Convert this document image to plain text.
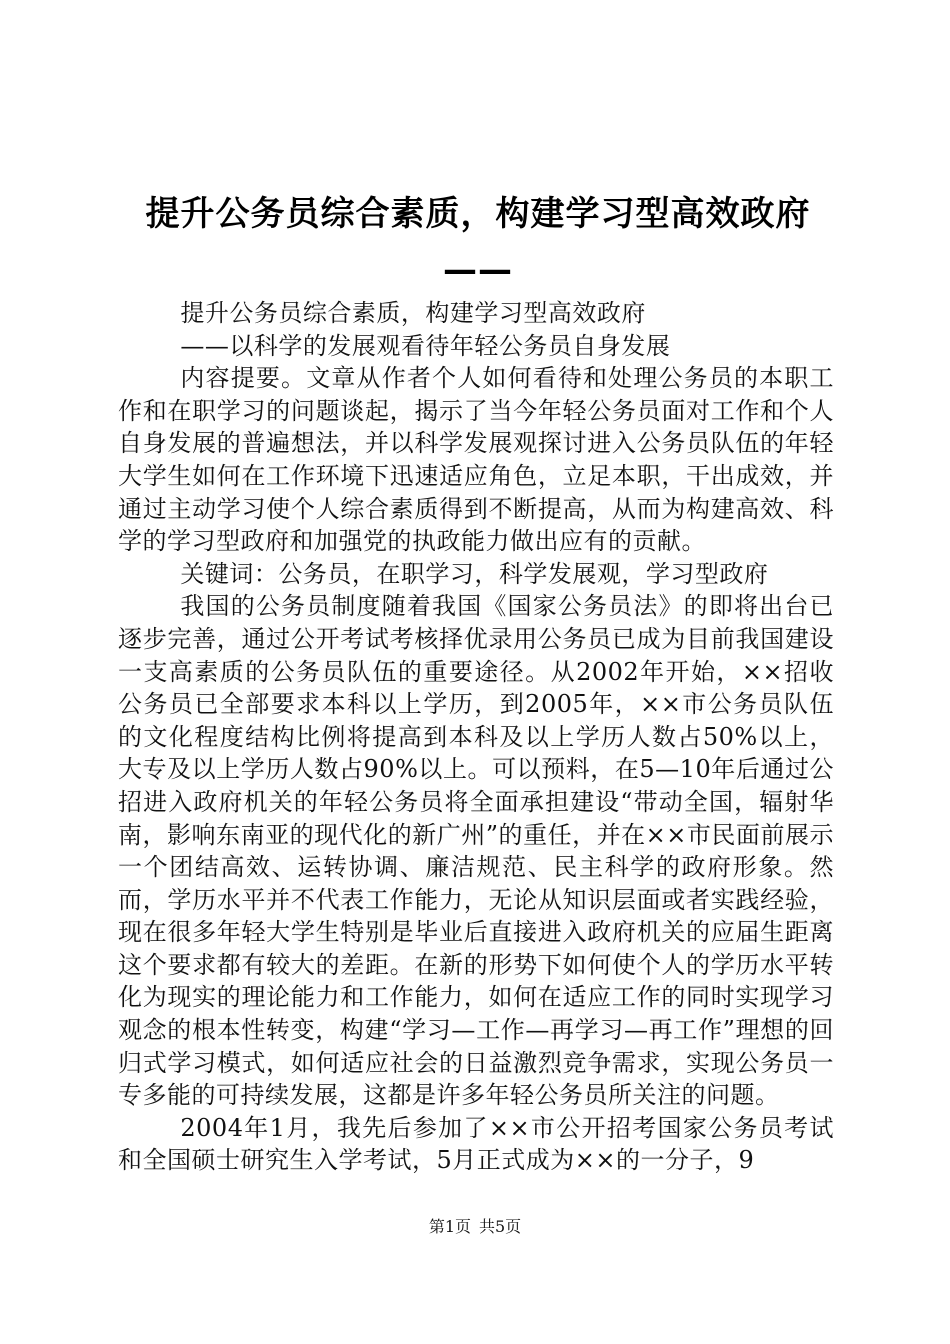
提升公务员综合素质，构建学习型高效政府——

提升公务员综合素质，构建学习型高效政府

——以科学的发展观看待年轻公务员自身发展

内容提要。文章从作者个人如何看待和处理公务员的本职工作和在职学习的问题谈起，揭示了当今年轻公务员面对工作和个人自身发展的普遍想法，并以科学发展观探讨进入公务员队伍的年轻大学生如何在工作环境下迅速适应角色，立足本职，干出成效，并通过主动学习使个人综合素质得到不断提高，从而为构建高效、科学的学习型政府和加强党的执政能力做出应有的贡献。

关键词：公务员，在职学习，科学发展观，学习型政府

我国的公务员制度随着我国《国家公务员法》的即将出台已逐步完善，通过公开考试考核择优录用公务员已成为目前我国建设一支高素质的公务员队伍的重要途径。从2002年开始，××招收公务员已全部要求本科以上学历，到2005年，××市公务员队伍的文化程度结构比例将提高到本科及以上学历人数占50%以上，大专及以上学历人数占90%以上。可以预料，在5—10年后通过公招进入政府机关的年轻公务员将全面承担建设“带动全国，辐射华南，影响东南亚的现代化的新广州”的重任，并在××市民面前展示一个团结高效、运转协调、廉洁规范、民主科学的政府形象。然而，学历水平并不代表工作能力，无论从知识层面或者实践经验，现在很多年轻大学生特别是毕业后直接进入政府机关的应届生距离这个要求都有较大的差距。在新的形势下如何使个人的学历水平转化为现实的理论能力和工作能力，如何在适应工作的同时实现学习观念的根本性转变，构建“学习—工作—再学习—再工作”理想的回归式学习模式，如何适应社会的日益激烈竞争需求，实现公务员一专多能的可持续发展，这都是许多年轻公务员所关注的问题。

2004年1月，我先后参加了××市公开招考国家公务员考试和全国硕士研究生入学考试，5月正式成为××的一分子，9

第1页 共5页
